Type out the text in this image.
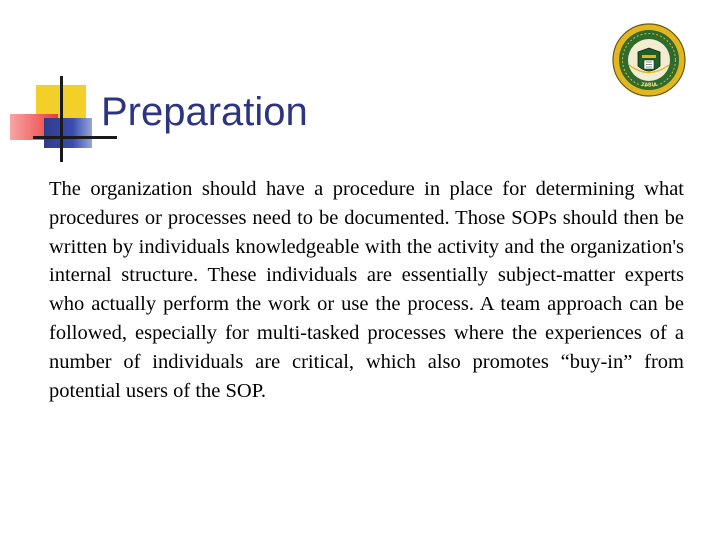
Preparation
ZARIA

The organization should have a procedure in place for determining what procedures or processes need to be documented. Those SOPs should then be written by individuals knowledgeable with the activity and the organization's internal structure. These individuals are essentially subject-matter experts who actually perform the work or use the process. A team approach can be followed, especially for multi-tasked processes where the experiences of a number of individuals are critical, which also promotes “buy-in” from potential users of the SOP.
